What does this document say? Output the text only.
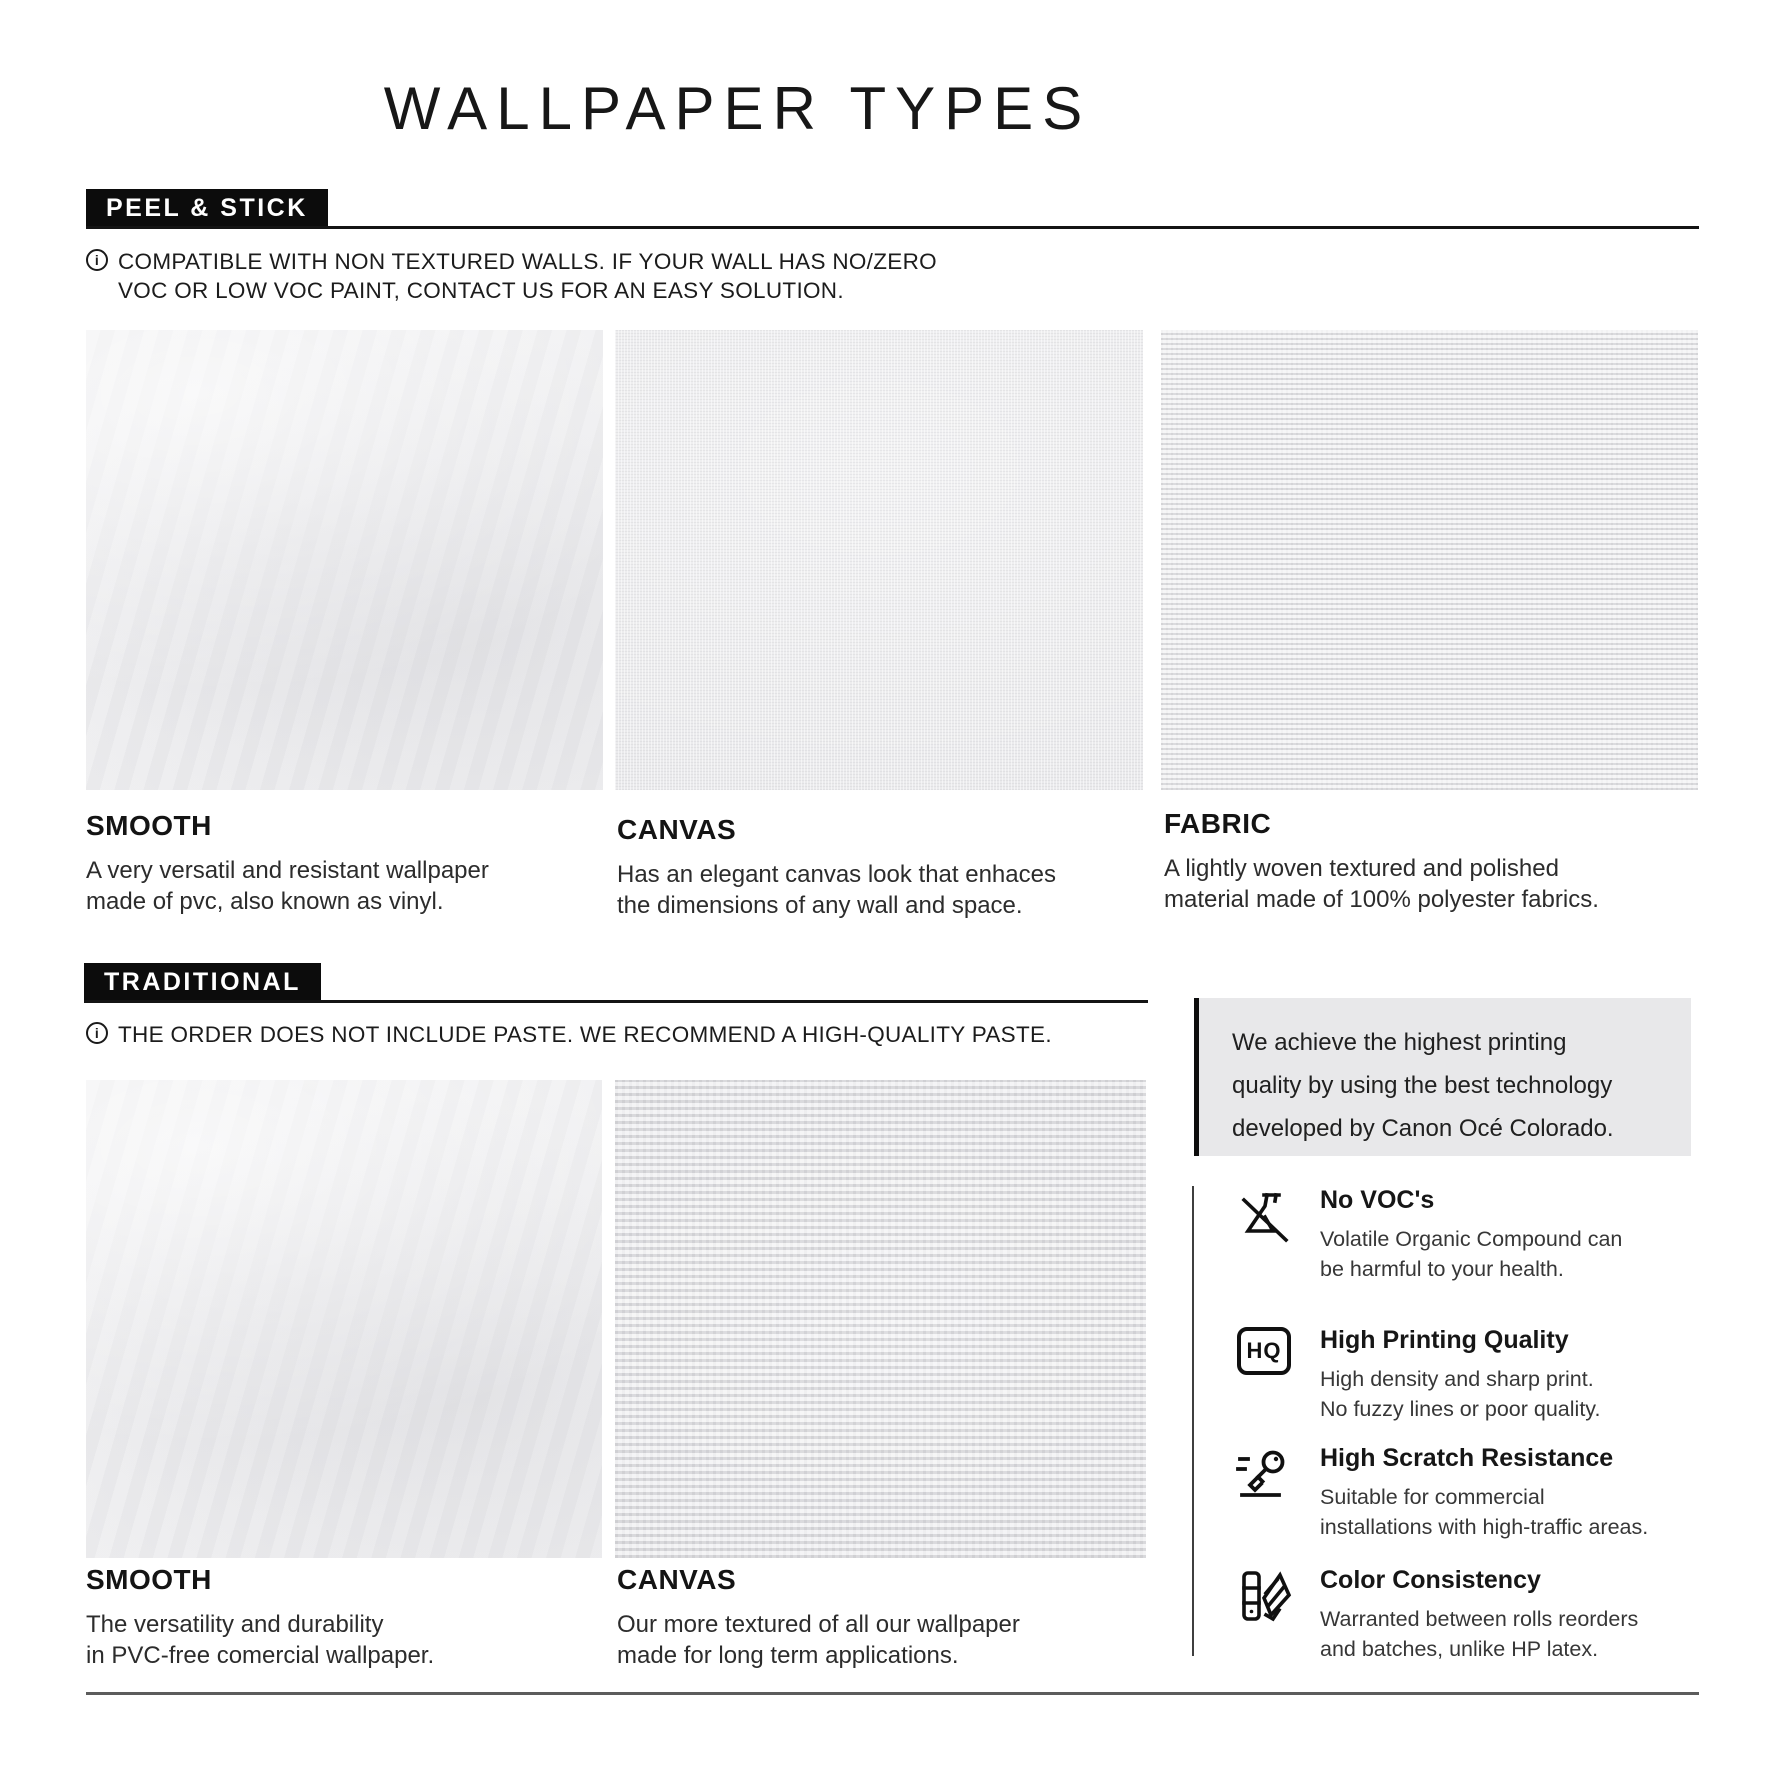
WALLPAPER TYPES
PEEL & STICK
i COMPATIBLE WITH NON TEXTURED WALLS. IF YOUR WALL HAS NO/ZERO
VOC OR LOW VOC PAINT, CONTACT US FOR AN EASY SOLUTION.
SMOOTH
A very versatil and resistant wallpaper
made of pvc, also known as vinyl.
CANVAS
Has an elegant canvas look that enhaces
the dimensions of any wall and space.
FABRIC
A lightly woven textured and polished
material made of 100% polyester fabrics.
TRADITIONAL
i THE ORDER DOES NOT INCLUDE PASTE. WE RECOMMEND A HIGH-QUALITY PASTE.
SMOOTH
The versatility and durability
in PVC-free comercial wallpaper.
CANVAS
Our more textured of all our wallpaper
made for long term applications.
We achieve the highest printing
quality by using the best technology
developed by Canon Océ Colorado.
No VOC's
Volatile Organic Compound can
be harmful to your health.
HQ	High Printing Quality
High density and sharp print.
No fuzzy lines or poor quality.
High Scratch Resistance
Suitable for commercial
installations with high-traffic areas.
Color Consistency
Warranted between rolls reorders
and batches, unlike HP latex.
